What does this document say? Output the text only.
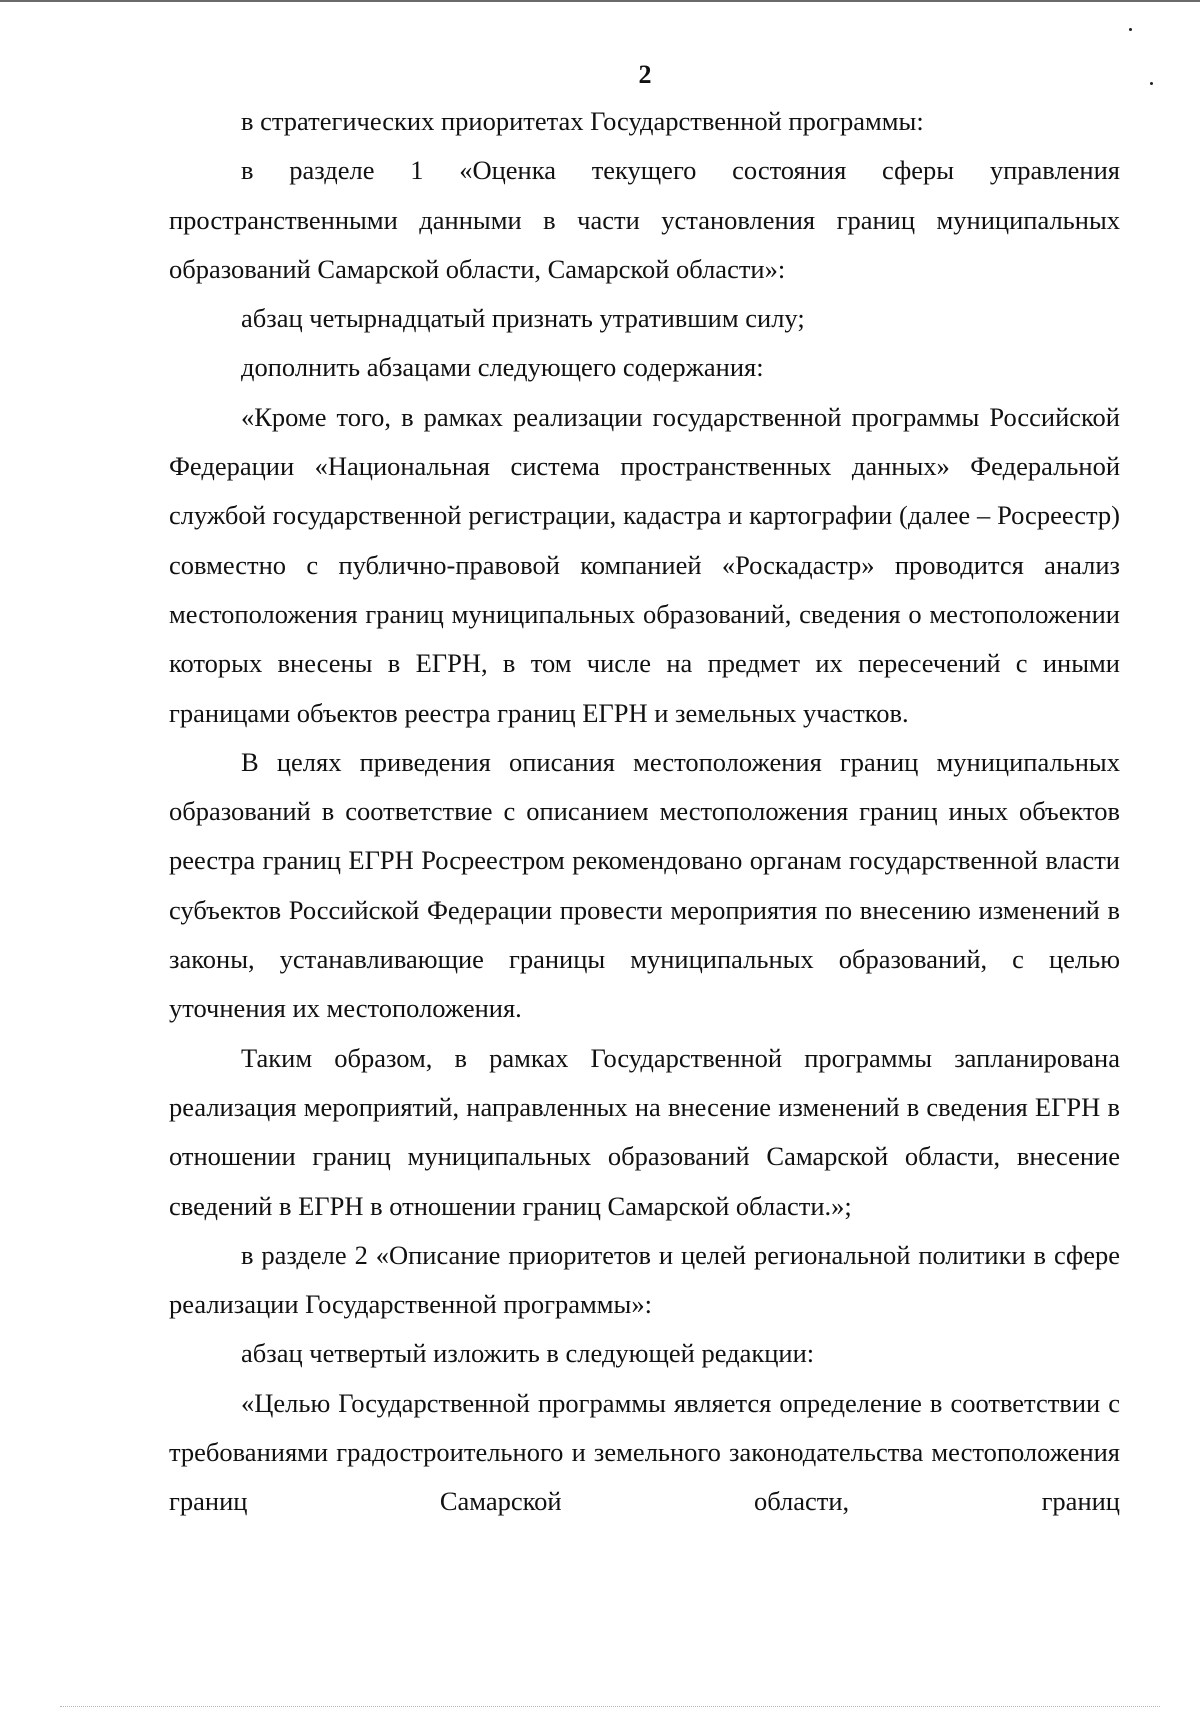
2

в стратегических приоритетах Государственной программы:

в разделе 1 «Оценка текущего состояния сферы управления пространственными данными в части установления границ муниципальных образований Самарской области, Самарской области»:

абзац четырнадцатый признать утратившим силу;

дополнить абзацами следующего содержания:

«Кроме того, в рамках реализации государственной программы Российской Федерации «Национальная система пространственных данных» Федеральной службой государственной регистрации, кадастра и картографии (далее – Росреестр) совместно с публично-правовой компанией «Роскадастр» проводится анализ местоположения границ муниципальных образований, сведения о местоположении которых внесены в ЕГРН, в том числе на предмет их пересечений с иными границами объектов реестра границ ЕГРН и земельных участков.

В целях приведения описания местоположения границ муниципальных образований в соответствие с описанием местоположения границ иных объектов реестра границ ЕГРН Росреестром рекомендовано органам государственной власти субъектов Российской Федерации провести мероприятия по внесению изменений в законы, устанавливающие границы муниципальных образований, с целью уточнения их местоположения.

Таким образом, в рамках Государственной программы запланирована реализация мероприятий, направленных на внесение изменений в сведения ЕГРН в отношении границ муниципальных образований Самарской области, внесение сведений в ЕГРН в отношении границ Самарской области.»;

в разделе 2 «Описание приоритетов и целей региональной политики в сфере реализации Государственной программы»:

абзац четвертый изложить в следующей редакции:

«Целью Государственной программы является определение в соответствии с требованиями градостроительного и земельного законодательства местоположения границ Самарской области, границ
